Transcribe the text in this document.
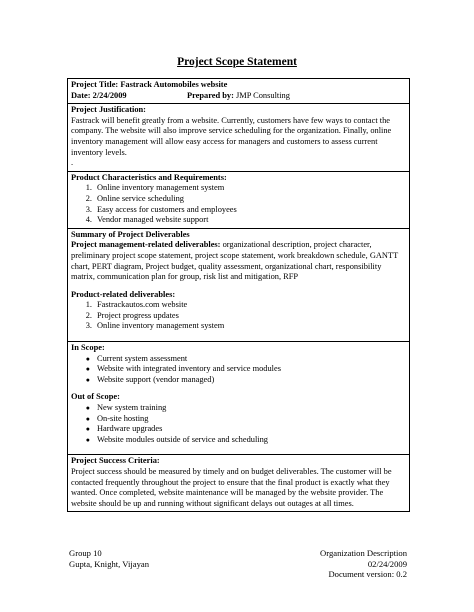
Project Scope Statement
Project Title: Fastrack Automobiles website
Date: 2/24/2009	Prepared by: JMP Consulting
Project Justification:
Fastrack will benefit greatly from a website. Currently, customers have few ways to contact the company. The website will also improve service scheduling for the organization. Finally, online inventory management will allow easy access for managers and customers to assess current inventory levels.
.
Product Characteristics and Requirements:
1. Online inventory management system
2. Online service scheduling
3. Easy access for customers and employees
4. Vendor managed website support
Summary of Project Deliverables
Project management-related deliverables: organizational description, project character, preliminary project scope statement, project scope statement, work breakdown schedule, GANTT chart, PERT diagram, Project budget, quality assessment, organizational chart, responsibility matrix, communication plan for group, risk list and mitigation, RFP
Product-related deliverables:
1. Fastrackautos.com website
2. Project progress updates
3. Online inventory management system
In Scope:
● Current system assessment
● Website with integrated inventory and service modules
● Website support (vendor managed)
Out of Scope:
● New system training
● On-site hosting
● Hardware upgrades
● Website modules outside of service and scheduling
Project Success Criteria:
Project success should be measured by timely and on budget deliverables. The customer will be contacted frequently throughout the project to ensure that the final product is exactly what they wanted. Once completed, website maintenance will be managed by the website provider. The website should be up and running without significant delays out outages at all times.
Group 10
Gupta, Knight, Vijayan
Organization Description
02/24/2009
Document version: 0.2
